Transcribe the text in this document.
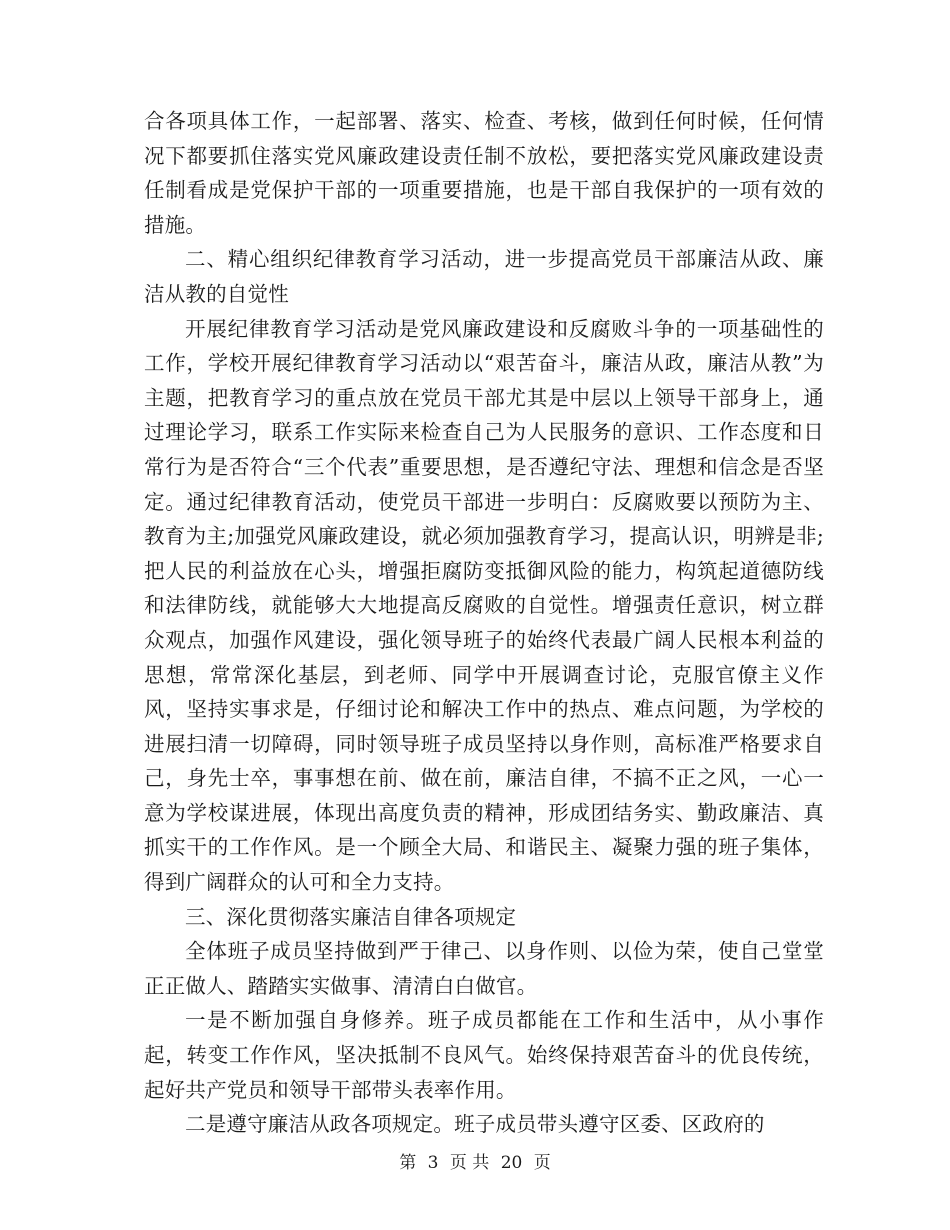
合各项具体工作，一起部署、落实、检查、考核，做到任何时候，任何情况下都要抓住落实党风廉政建设责任制不放松，要把落实党风廉政建设责任制看成是党保护干部的一项重要措施，也是干部自我保护的一项有效的措施。

二、精心组织纪律教育学习活动，进一步提高党员干部廉洁从政、廉洁从教的自觉性

开展纪律教育学习活动是党风廉政建设和反腐败斗争的一项基础性的工作，学校开展纪律教育学习活动以“艰苦奋斗，廉洁从政，廉洁从教”为主题，把教育学习的重点放在党员干部尤其是中层以上领导干部身上，通过理论学习，联系工作实际来检查自己为人民服务的意识、工作态度和日常行为是否符合“三个代表”重要思想，是否遵纪守法、理想和信念是否坚定。通过纪律教育活动，使党员干部进一步明白：反腐败要以预防为主、教育为主;加强党风廉政建设，就必须加强教育学习，提高认识，明辨是非;把人民的利益放在心头，增强拒腐防变抵御风险的能力，构筑起道德防线和法律防线，就能够大大地提高反腐败的自觉性。增强责任意识，树立群众观点，加强作风建设，强化领导班子的始终代表最广阔人民根本利益的思想，常常深化基层，到老师、同学中开展调查讨论，克服官僚主义作风，坚持实事求是，仔细讨论和解决工作中的热点、难点问题，为学校的进展扫清一切障碍，同时领导班子成员坚持以身作则，高标准严格要求自己，身先士卒，事事想在前、做在前，廉洁自律，不搞不正之风，一心一意为学校谋进展，体现出高度负责的精神，形成团结务实、勤政廉洁、真抓实干的工作作风。是一个顾全大局、和谐民主、凝聚力强的班子集体，得到广阔群众的认可和全力支持。

三、深化贯彻落实廉洁自律各项规定

全体班子成员坚持做到严于律己、以身作则、以俭为荣，使自己堂堂正正做人、踏踏实实做事、清清白白做官。

一是不断加强自身修养。班子成员都能在工作和生活中，从小事作起，转变工作作风，坚决抵制不良风气。始终保持艰苦奋斗的优良传统，起好共产党员和领导干部带头表率作用。

二是遵守廉洁从政各项规定。班子成员带头遵守区委、区政府的

第 3 页 共 20 页
